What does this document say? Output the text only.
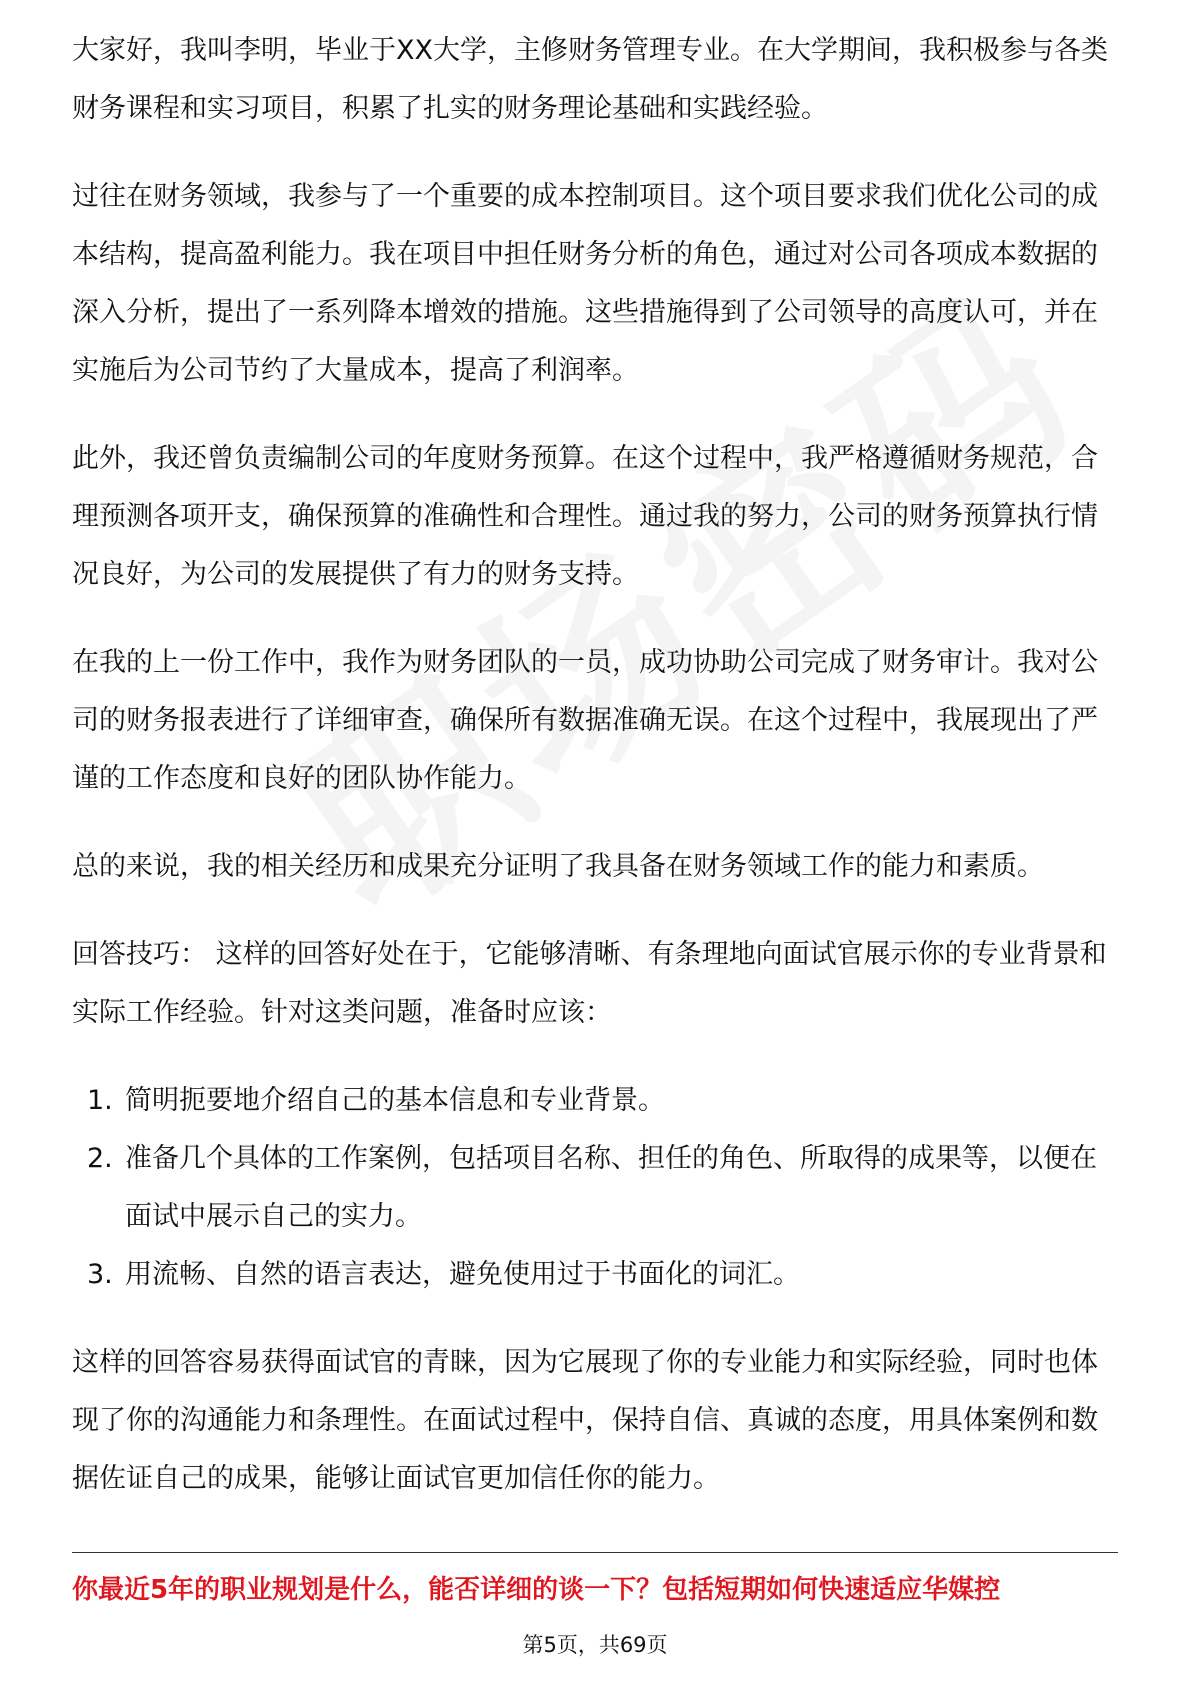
大家好，我叫李明，毕业于XX大学，主修财务管理专业。在大学期间，我积极参与各类财务课程和实习项目，积累了扎实的财务理论基础和实践经验。

过往在财务领域，我参与了一个重要的成本控制项目。这个项目要求我们优化公司的成本结构，提高盈利能力。我在项目中担任财务分析的角色，通过对公司各项成本数据的深入分析，提出了一系列降本增效的措施。这些措施得到了公司领导的高度认可，并在实施后为公司节约了大量成本，提高了利润率。

此外，我还曾负责编制公司的年度财务预算。在这个过程中，我严格遵循财务规范，合理预测各项开支，确保预算的准确性和合理性。通过我的努力，公司的财务预算执行情况良好，为公司的发展提供了有力的财务支持。

在我的上一份工作中，我作为财务团队的一员，成功协助公司完成了财务审计。我对公司的财务报表进行了详细审查，确保所有数据准确无误。在这个过程中，我展现出了严谨的工作态度和良好的团队协作能力。

总的来说，我的相关经历和成果充分证明了我具备在财务领域工作的能力和素质。

回答技巧： 这样的回答好处在于，它能够清晰、有条理地向面试官展示你的专业背景和实际工作经验。针对这类问题，准备时应该：

1. 简明扼要地介绍自己的基本信息和专业背景。
2. 准备几个具体的工作案例，包括项目名称、担任的角色、所取得的成果等，以便在面试中展示自己的实力。
3. 用流畅、自然的语言表达，避免使用过于书面化的词汇。

这样的回答容易获得面试官的青睐，因为它展现了你的专业能力和实际经验，同时也体现了你的沟通能力和条理性。在面试过程中，保持自信、真诚的态度，用具体案例和数据佐证自己的成果，能够让面试官更加信任你的能力。

你最近5年的职业规划是什么，能否详细的谈一下？包括短期如何快速适应华媒控
第5页，共69页
